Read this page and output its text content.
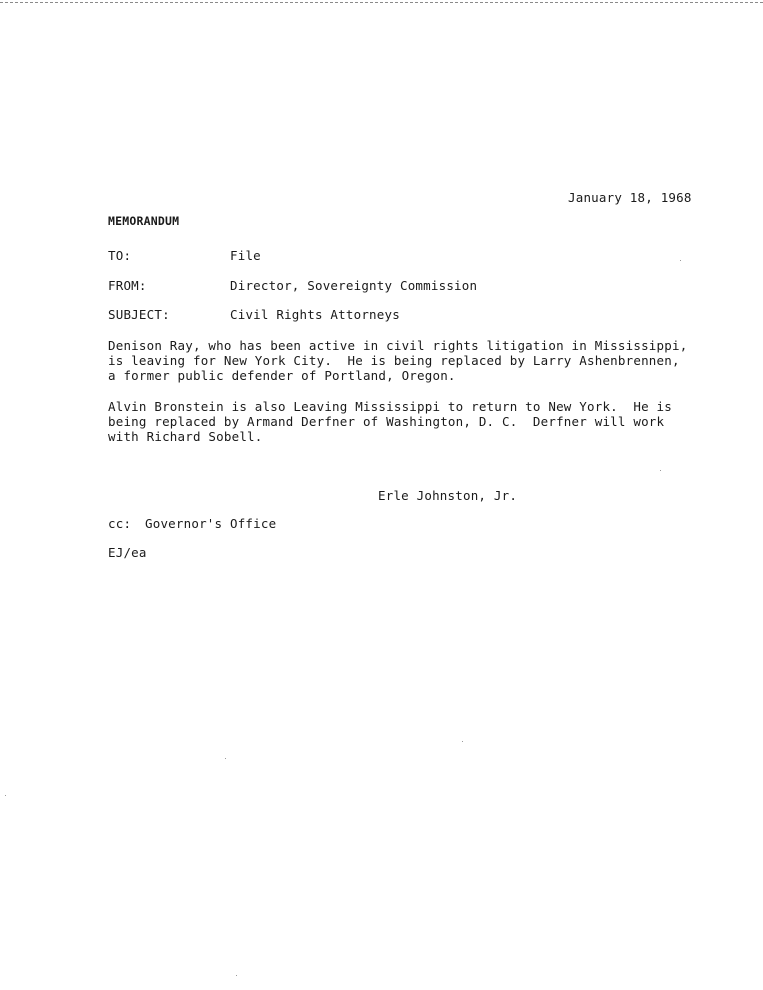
January 18, 1968
MEMORANDUM
TO:	File
FROM:	Director, Sovereignty Commission
SUBJECT:	Civil Rights Attorneys
Denison Ray, who has been active in civil rights litigation in Mississippi,
is leaving for New York City.  He is being replaced by Larry Ashenbrennen,
a former public defender of Portland, Oregon.
Alvin Bronstein is also Leaving Mississippi to return to New York.  He is
being replaced by Armand Derfner of Washington, D. C.  Derfner will work
with Richard Sobell.
Erle Johnston, Jr.
cc: Governor's Office
EJ/ea
